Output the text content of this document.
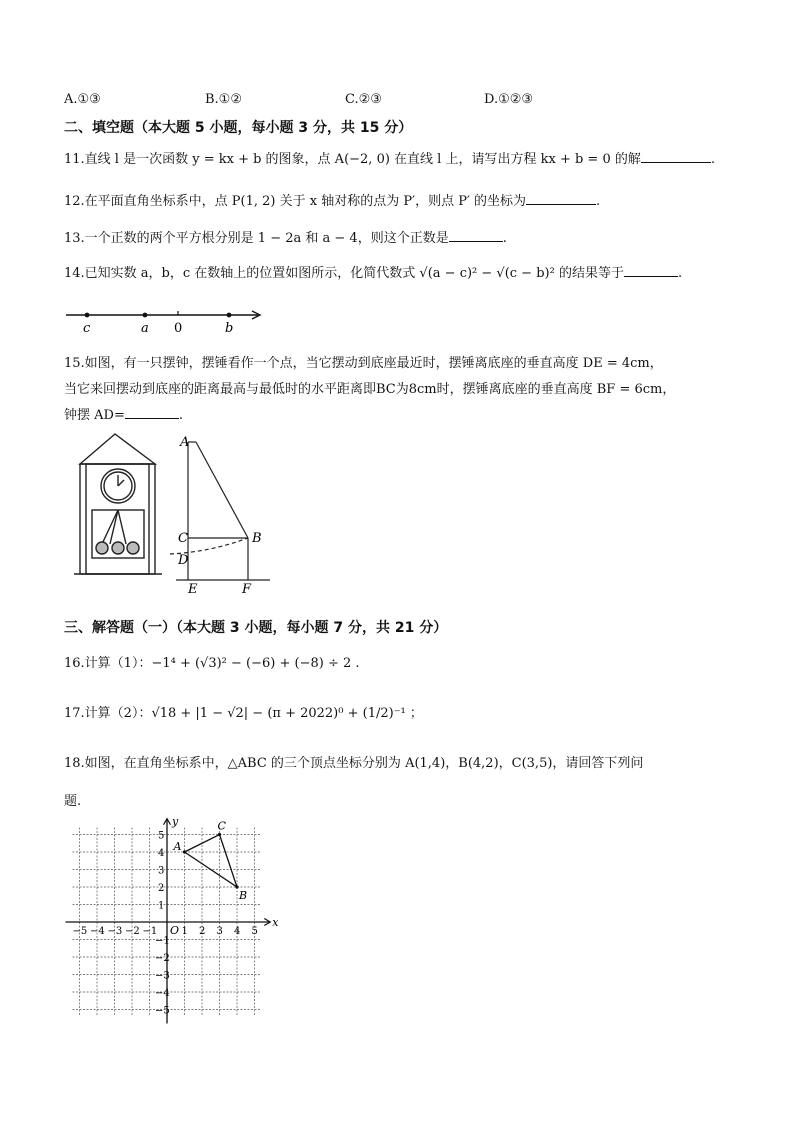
A.①③	B.①②	C.②③	D.①②③
二、填空题（本大题 5 小题，每小题 3 分，共 15 分）
11.直线 l 是一次函数 y = kx + b 的图象，点 A(−2, 0) 在直线 l 上，请写出方程 kx + b = 0 的解	.
12.在平面直角坐标系中，点 P(1, 2) 关于 x 轴对称的点为 P′，则点 P′ 的坐标为	.
13.一个正数的两个平方根分别是 1 − 2a 和 a − 4，则这个正数是	.
14.已知实数 a，b，c 在数轴上的位置如图所示，化简代数式 √(a − c)² − √(c − b)² 的结果等于	.
c	a 0	b
15.如图，有一只摆钟，摆锤看作一个点，当它摆动到底座最近时，摆锤离底座的垂直高度 DE = 4cm，
当它来回摆动到底座的距离最高与最低时的水平距离即BC为8cm时，摆锤离底座的垂直高度 BF = 6cm，
钟摆 AD=	.
A
B
C
D
E	F
三、解答题（一）（本大题 3 小题，每小题 7 分，共 21 分）
16.计算（1）：−1⁴ + (√3)² − (−6) + (−8) ÷ 2 .
17.计算（2）：√18 + |1 − √2| − (π + 2022)⁰ + (1/2)⁻¹ ；
18.如图，在直角坐标系中，△ABC 的三个顶点坐标分别为 A(1,4)，B(4,2)，C(3,5)，请回答下列问
题.
−5 −4 −3 −2 −1 1 2 3 4 5
5
4
3
2
1
−1
−2
−3
−4
−5
O
x
y
A
B
C
